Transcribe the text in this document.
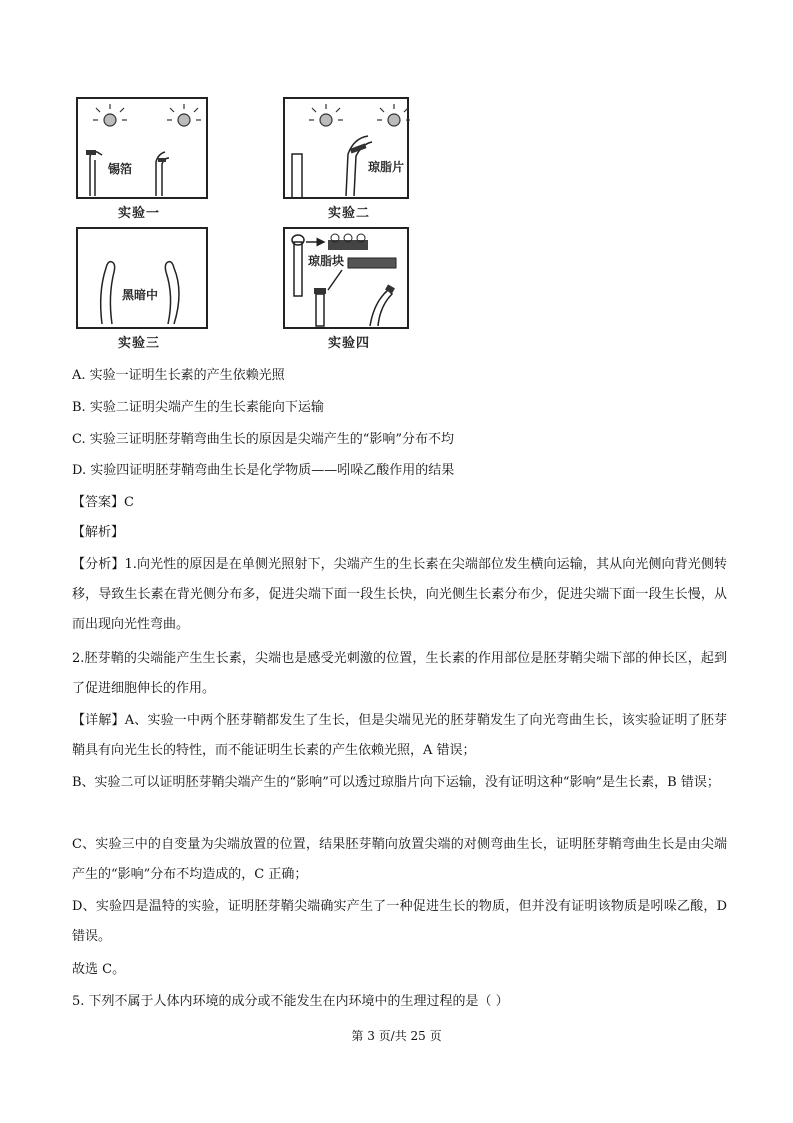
锡箔	琼脂片
黑暗中
琼脂块
实验一	实验二
实验三	实验四
A. 实验一证明生长素的产生依赖光照
B. 实验二证明尖端产生的生长素能向下运输
C. 实验三证明胚芽鞘弯曲生长的原因是尖端产生的“影响”分布不均
D. 实验四证明胚芽鞘弯曲生长是化学物质——吲哚乙酸作用的结果
【答案】C
【解析】
【分析】1.向光性的原因是在单侧光照射下，尖端产生的生长素在尖端部位发生横向运输，其从向光侧向背光侧转移，导致生长素在背光侧分布多，促进尖端下面一段生长快，向光侧生长素分布少，促进尖端下面一段生长慢，从而出现向光性弯曲。
2.胚芽鞘的尖端能产生生长素，尖端也是感受光刺激的位置，生长素的作用部位是胚芽鞘尖端下部的伸长区，起到了促进细胞伸长的作用。
【详解】A、实验一中两个胚芽鞘都发生了生长，但是尖端见光的胚芽鞘发生了向光弯曲生长，该实验证明了胚芽鞘具有向光生长的特性，而不能证明生长素的产生依赖光照，A 错误；
B、实验二可以证明胚芽鞘尖端产生的“影响”可以透过琼脂片向下运输，没有证明这种“影响”是生长素，B 错误；
C、实验三中的自变量为尖端放置的位置，结果胚芽鞘向放置尖端的对侧弯曲生长，证明胚芽鞘弯曲生长是由尖端产生的“影响”分布不均造成的，C 正确；
D、实验四是温特的实验，证明胚芽鞘尖端确实产生了一种促进生长的物质，但并没有证明该物质是吲哚乙酸，D 错误。
故选 C。
5. 下列不属于人体内环境的成分或不能发生在内环境中的生理过程的是（ ）
第 3 页/共 25 页
